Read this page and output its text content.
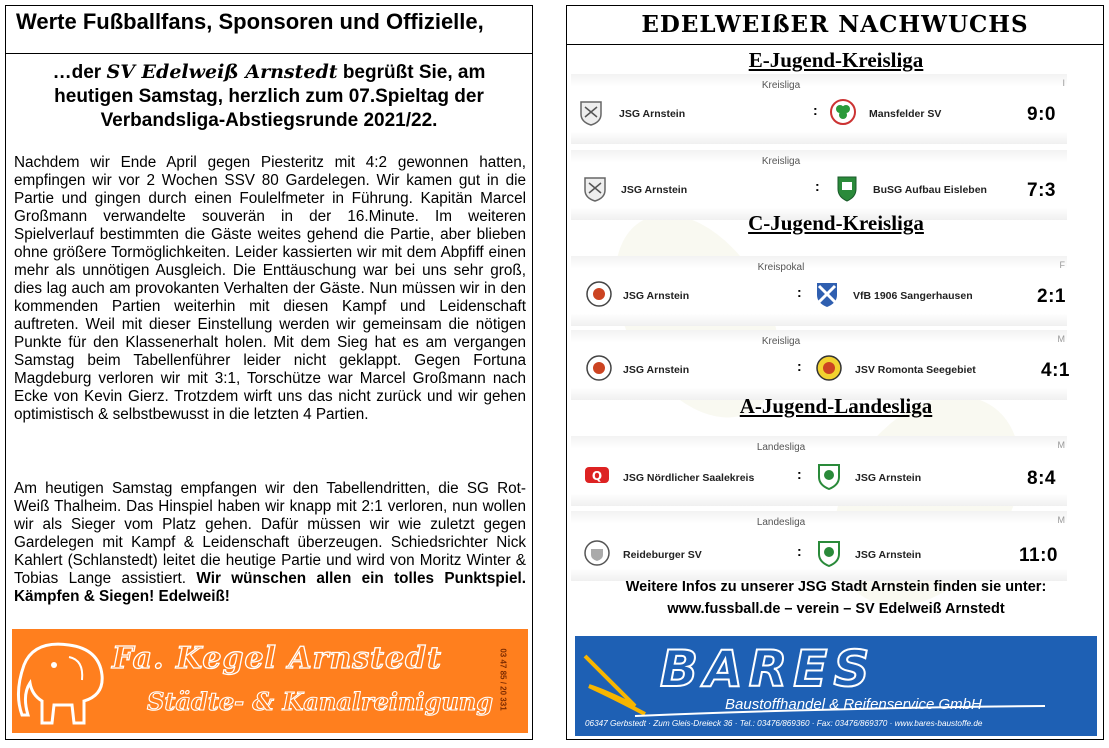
Werte Fußballfans, Sponsoren und Offizielle,
…der SV Edelweiß Arnstedt begrüßt Sie, am heutigen Samstag, herzlich zum 07.Spieltag der Verbandsliga-Abstiegsrunde 2021/22.
Nachdem wir Ende April gegen Piesteritz mit 4:2 gewonnen hatten, empfingen wir vor 2 Wochen SSV 80 Gardelegen. Wir kamen gut in die Partie und gingen durch einen Foulelfmeter in Führung. Kapitän Marcel Großmann verwandelte souverän in der 16.Minute. Im weiteren Spielverlauf bestimmten die Gäste weites gehend die Partie, aber blieben ohne größere Tormöglichkeiten. Leider kassierten wir mit dem Abpfiff einen mehr als unnötigen Ausgleich. Die Enttäuschung war bei uns sehr groß, dies lag auch am provokanten Verhalten der Gäste. Nun müssen wir in den kommenden Partien weiterhin mit diesen Kampf und Leidenschaft auftreten. Weil mit dieser Einstellung werden wir gemeinsam die nötigen Punkte für den Klassenerhalt holen. Mit dem Sieg hat es am vergangen Samstag beim Tabellenführer leider nicht geklappt. Gegen Fortuna Magdeburg verloren wir mit 3:1, Torschütze war Marcel Großmann nach Ecke von Kevin Gierz. Trotzdem wirft uns das nicht zurück und wir gehen optimistisch & selbstbewusst in die letzten 4 Partien.
Am heutigen Samstag empfangen wir den Tabellendritten, die SG Rot-Weiß Thalheim. Das Hinspiel haben wir knapp mit 2:1 verloren, nun wollen wir als Sieger vom Platz gehen. Dafür müssen wir wie zuletzt gegen Gardelegen mit Kampf & Leidenschaft überzeugen. Schiedsrichter Nick Kahlert (Schlanstedt) leitet die heutige Partie und wird von Moritz Winter & Tobias Lange assistiert. Wir wünschen allen ein tolles Punktspiel. Kämpfen & Siegen! Edelweiß!
Fa. Kegel Arnstedt
Städte- & Kanalreinigung 03 47 85 / 20 331
EDELWEIßER NACHWUCHS
E-Jugend-Kreisliga
Kreisliga
JSG Arnstein	:	Mansfelder SV	9:0
I
Kreisliga
JSG Arnstein	:	BuSG Aufbau Eisleben 7:3
C-Jugend-Kreisliga
Kreispokal
JSG Arnstein	:	VfB 1906 Sangerhausen	2:1
F
Kreisliga
JSG Arnstein	:	JSV Romonta Seegebiet	4:1
M
A-Jugend-Landesliga
Landesliga
Q JSG Nördlicher Saalekreis	:	JSG Arnstein	8:4
M
Landesliga
Reideburger SV	:	JSG Arnstein	11:0
M
Weitere Infos zu unserer JSG Stadt Arnstein finden sie unter:
www.fussball.de – verein – SV Edelweiß Arnstedt
BARES
Baustoffhandel & Reifenservice GmbH
06347 Gerbstedt · Zum Gleis-Dreieck 36 · Tel.: 03476/869360 · Fax: 03476/869370 · www.bares-baustoffe.de
